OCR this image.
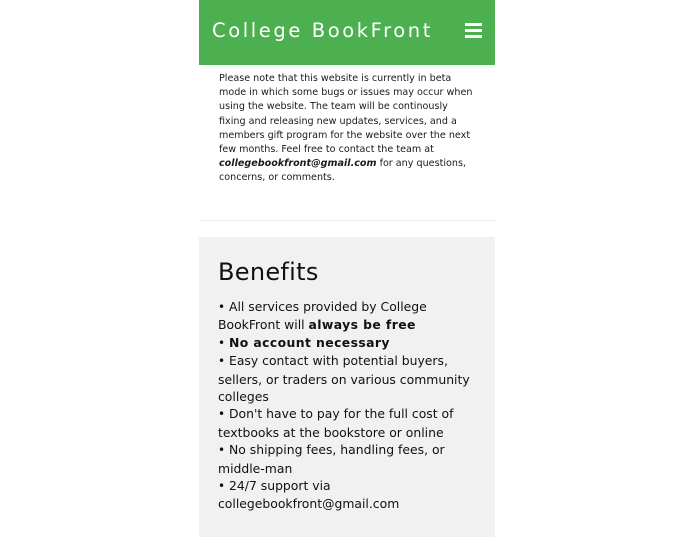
College BookFront
Please note that this website is currently in beta mode in which some bugs or issues may occur when using the website. The team will be continously fixing and releasing new updates, services, and a members gift program for the website over the next few months. Feel free to contact the team at collegebookfront@gmail.com for any questions, concerns, or comments.
Benefits
• All services provided by College BookFront will always be free
• No account necessary
• Easy contact with potential buyers, sellers, or traders on various community colleges
• Don't have to pay for the full cost of textbooks at the bookstore or online
• No shipping fees, handling fees, or middle-man
• 24/7 support via collegebookfront@gmail.com
